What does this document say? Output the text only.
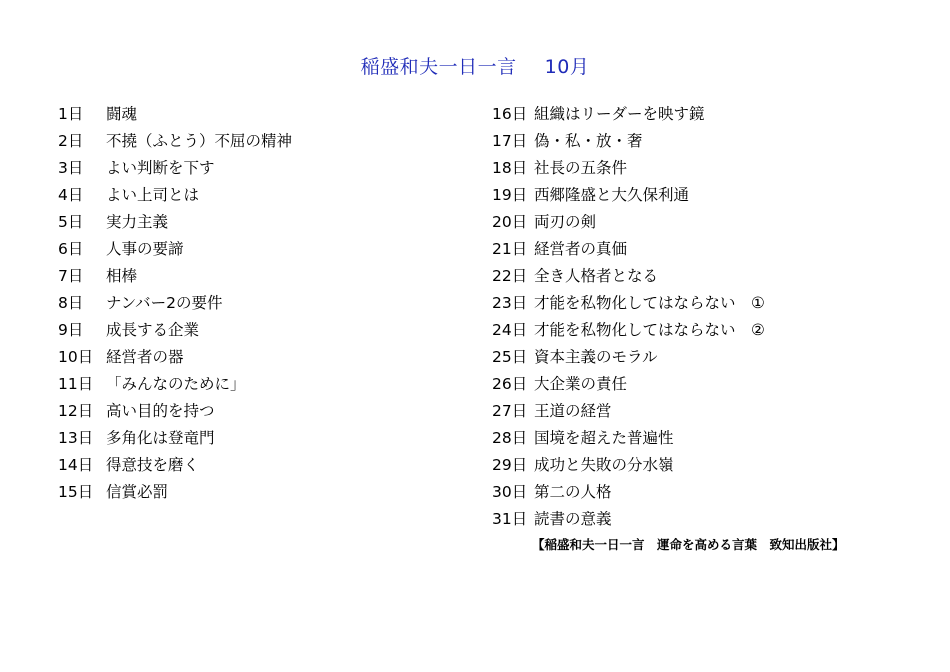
稲盛和夫一日一言 10月
1日	闘魂
2日	不撓（ふとう）不屈の精神
3日	よい判断を下す
4日	よい上司とは
5日	実力主義
6日	人事の要諦
7日	相棒
8日	ナンバー2の要件
9日	成長する企業
10日 経営者の器
11日 「みんなのために」
12日 高い目的を持つ
13日 多角化は登竜門
14日 得意技を磨く
15日 信賞必罰
16日 組織はリーダーを映す鏡
17日 偽・私・放・奢
18日 社長の五条件
19日 西郷隆盛と大久保利通
20日 両刃の剣
21日 経営者の真価
22日 全き人格者となる
23日 才能を私物化してはならない　①
24日 才能を私物化してはならない　②
25日 資本主義のモラル
26日 大企業の責任
27日 王道の経営
28日 国境を超えた普遍性
29日 成功と失敗の分水嶺
30日 第二の人格
31日 読書の意義
【稲盛和夫一日一言　運命を高める言葉　致知出版社】
